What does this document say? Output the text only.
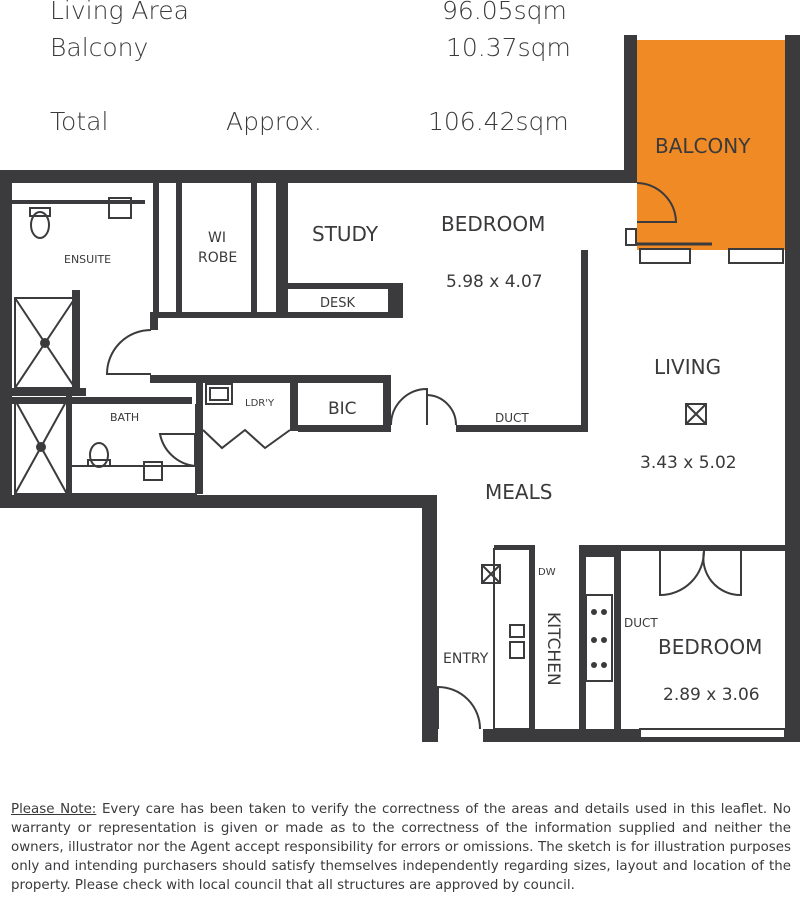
Living Area	96.05sqm
Balcony	10.37sqm
Total	Approx.	106.42sqm
BALCONY
ENSUITE
WI
ROBE
STUDY
DESK
BEDROOM
5.98 x 4.07
BATH
LDR'Y	BIC	DUCT
LIVING
3.43 x 5.02
MEALS
DW
KITCHEN	DUCT
ENTRY	BEDROOM
2.89 x 3.06
Please Note: Every care has been taken to verify the correctness of the areas and details used in this leaflet. No warranty or representation is given or made as to the correctness of the information supplied and neither the owners, illustrator nor the Agent accept responsibility for errors or omissions. The sketch is for illustration purposes only and intending purchasers should satisfy themselves independently regarding sizes, layout and location of the property. Please check with local council that all structures are approved by council.
